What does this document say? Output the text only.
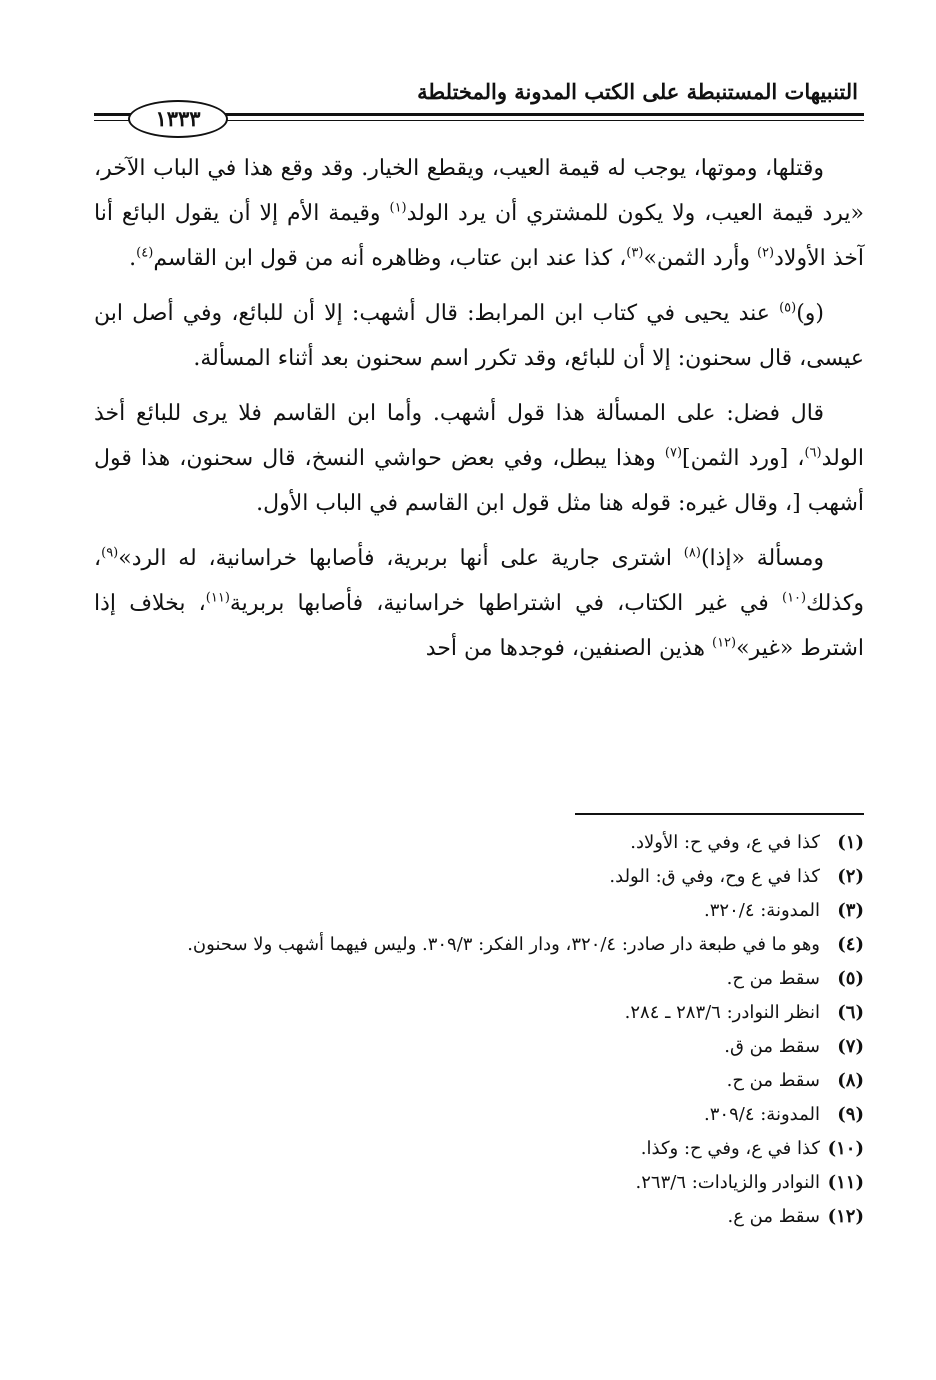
التنبيهات المستنبطة على الكتب المدونة والمختلطة
١٣٣٣

وقتلها، وموتها، يوجب له قيمة العيب، ويقطع الخيار. وقد وقع هذا في الباب الآخر، «يرد قيمة العيب، ولا يكون للمشتري أن يرد الولد$^{(١)}$ وقيمة الأم إلا أن يقول البائع أنا آخذ الأولاد$^{(٢)}$ وأرد الثمن»$^{(٣)}$، كذا عند ابن عتاب، وظاهره أنه من قول ابن القاسم$^{(٤)}$.

(و)$^{(٥)}$ عند يحيى في كتاب ابن المرابط: قال أشهب: إلا أن للبائع، وفي أصل ابن عيسى، قال سحنون: إلا أن للبائع، وقد تكرر اسم سحنون بعد أثناء المسألة.

قال فضل: على المسألة هذا قول أشهب. وأما ابن القاسم فلا يرى للبائع أخذ الولد$^{(٦)}$، [ورد الثمن]$^{(٧)}$ وهذا يبطل، وفي بعض حواشي النسخ، قال سحنون، هذا قول أشهب [، وقال غيره: قوله هنا مثل قول ابن القاسم في الباب الأول.

ومسألة «إذا)$^{(٨)}$ اشترى جارية على أنها بربرية، فأصابها خراسانية، له الرد»$^{(٩)}$، وكذلك$^{(١٠)}$ في غير الكتاب، في اشتراطها خراسانية، فأصابها بربرية$^{(١١)}$، بخلاف إذا اشترط «غير»$^{(١٢)}$ هذين الصنفين، فوجدها من أحد

(١)
كذا في ع، وفي ح: الأولاد.
(٢)
كذا في ع وح، وفي ق: الولد.
(٣)
المدونة: ٣٢٠/٤.
(٤)
وهو ما في طبعة دار صادر: ٣٢٠/٤، ودار الفكر: ٣٠٩/٣. وليس فيهما أشهب ولا سحنون.
(٥)
سقط من ح.
(٦)
انظر النوادر: ٢٨٣/٦ ـ ٢٨٤.
(٧)
سقط من ق.
(٨)
سقط من ح.
(٩)
المدونة: ٣٠٩/٤.
(١٠)
كذا في ع، وفي ح: وكذا.
(١١)
النوادر والزيادات: ٢٦٣/٦.
(١٢)
سقط من ع.
